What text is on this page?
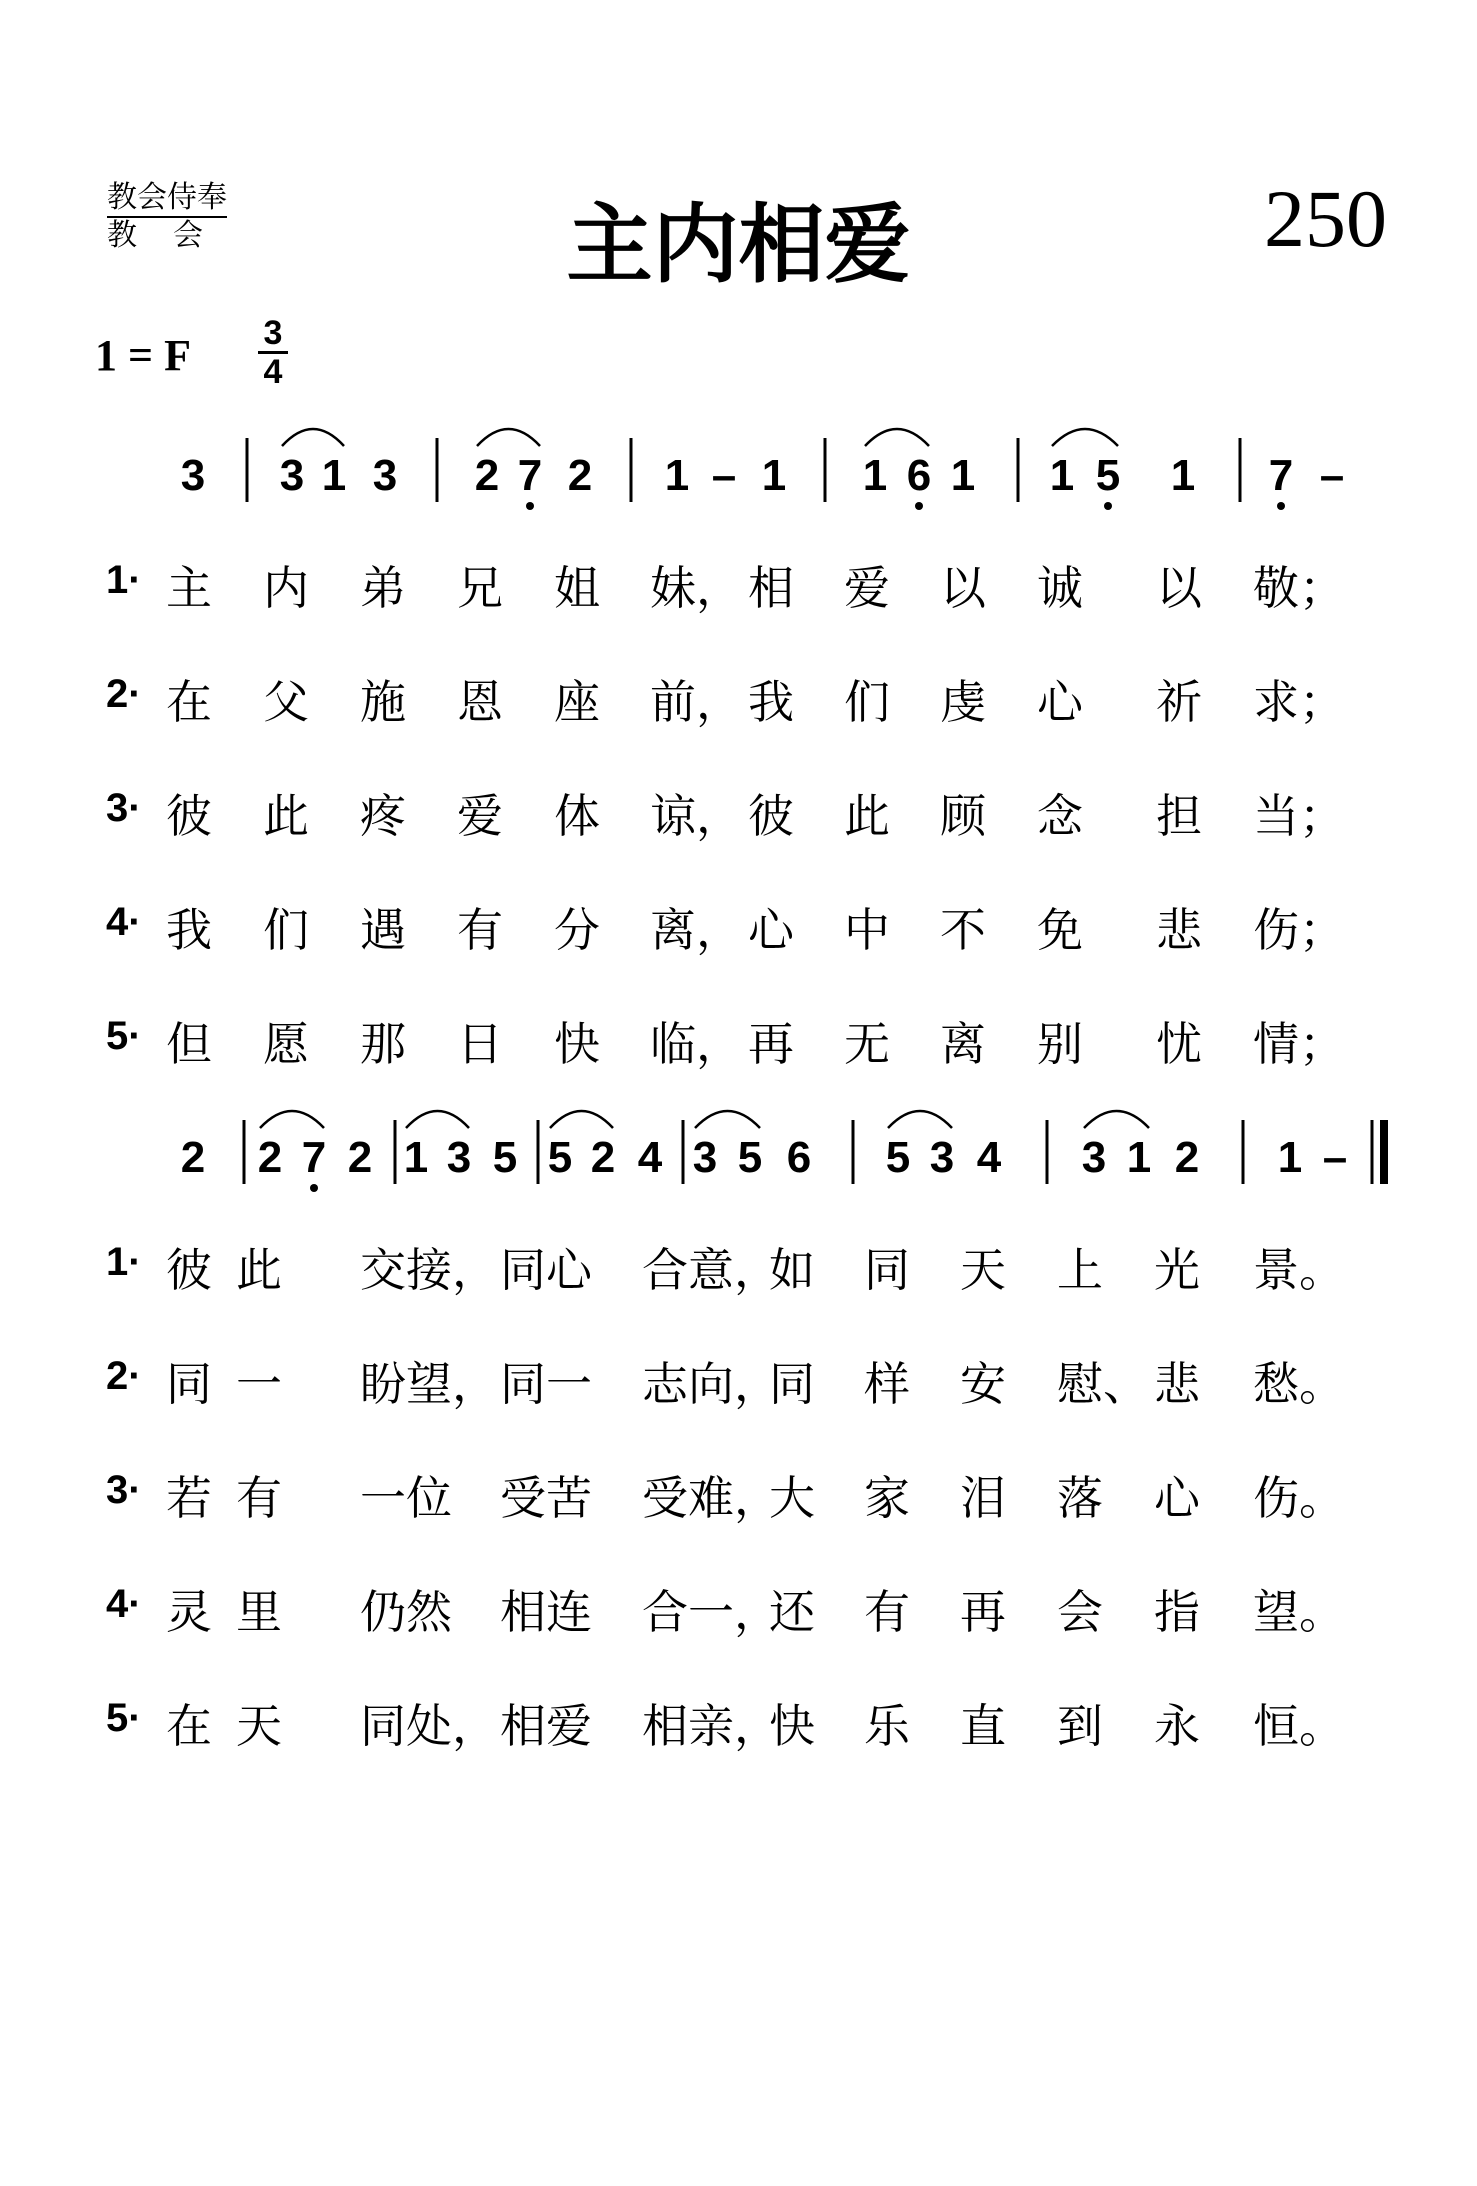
教会侍奉

教会	主内相爱	250
1 = F 3
4
3 3 1 3 2 7 2 1 – 1 1 6 1 1 5 1 7 –
2 2 7 2 1 3 5 5 2 4 3 5 6 5 3 4 3 1 2 1 –
1· 主 内 弟 兄 姐 妹， 相 爱 以 诚 以 敬；
2· 在 父 施 恩 座 前， 我 们 虔 心 祈 求；
3· 彼 此 疼 爱 体 谅， 彼 此 顾 念 担 当；
4· 我 们 遇 有 分 离， 心 中 不 免 悲 伤；
5· 但 愿 那 日 快 临， 再 无 离 别 忧 情；
1· 彼 此 交接， 同心 合意，
如 同 天 上 光 景。
2· 同 一 盼望， 同一 志向，
同 样 安 慰、 悲 愁。
3· 若 有 一位 受苦 受难，
大 家 泪 落 心 伤。
4· 灵 里 仍然 相连 合一，
还 有 再 会 指 望。
5· 在 天 同处， 相爱 相亲，
快 乐 直 到 永 恒。
